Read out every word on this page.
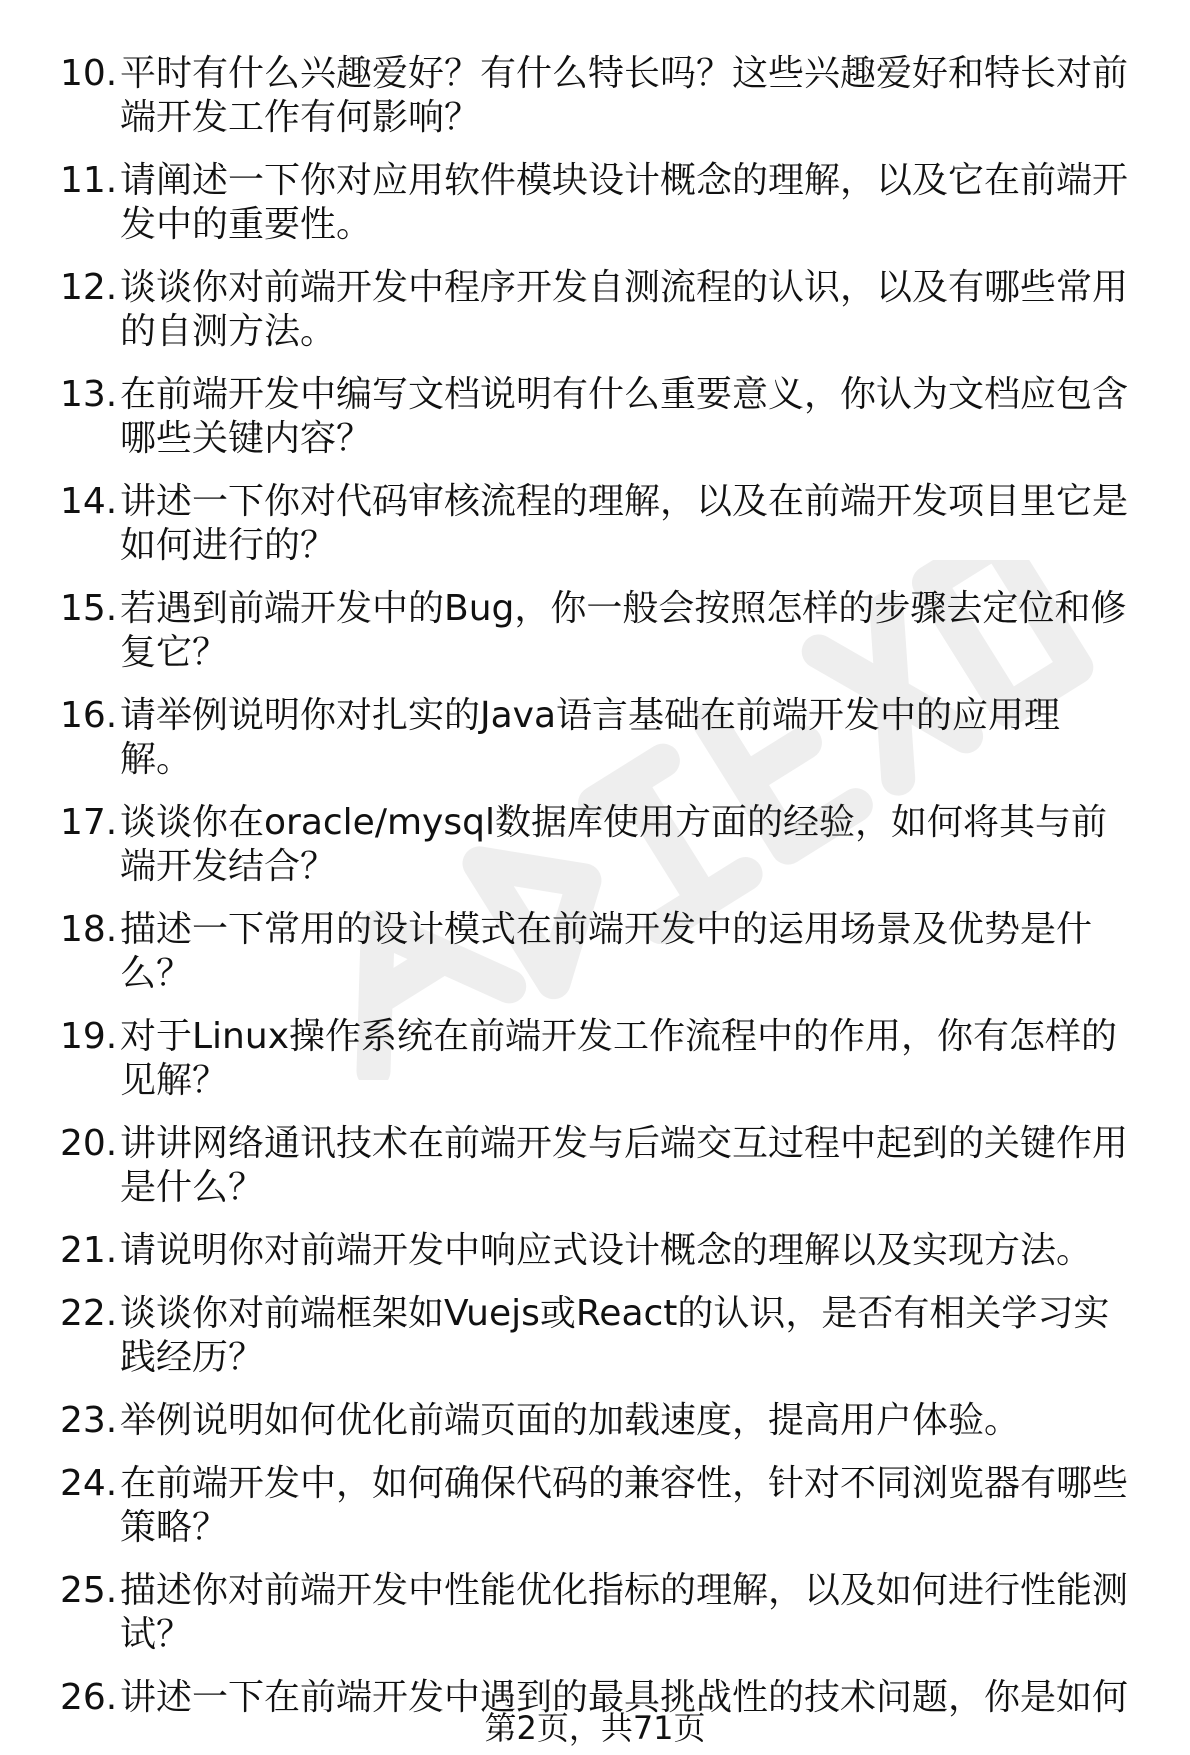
10. 平时有什么兴趣爱好？有什么特长吗？这些兴趣爱好和特长对前端开发工作有何影响？
11. 请阐述一下你对应用软件模块设计概念的理解，以及它在前端开发中的重要性。
12. 谈谈你对前端开发中程序开发自测流程的认识，以及有哪些常用的自测方法。
13. 在前端开发中编写文档说明有什么重要意义，你认为文档应包含哪些关键内容？
14. 讲述一下你对代码审核流程的理解，以及在前端开发项目里它是如何进行的？
15. 若遇到前端开发中的Bug，你一般会按照怎样的步骤去定位和修复它？
16. 请举例说明你对扎实的Java语言基础在前端开发中的应用理解。
17. 谈谈你在oracle/mysql数据库使用方面的经验，如何将其与前端开发结合？
18. 描述一下常用的设计模式在前端开发中的运用场景及优势是什么？
19. 对于Linux操作系统在前端开发工作流程中的作用，你有怎样的见解？
20. 讲讲网络通讯技术在前端开发与后端交互过程中起到的关键作用是什么？
21. 请说明你对前端开发中响应式设计概念的理解以及实现方法。
22. 谈谈你对前端框架如Vuejs或React的认识，是否有相关学习实践经历？
23. 举例说明如何优化前端页面的加载速度，提高用户体验。
24. 在前端开发中，如何确保代码的兼容性，针对不同浏览器有哪些策略？
25. 描述你对前端开发中性能优化指标的理解，以及如何进行性能测试？
26. 讲述一下在前端开发中遇到的最具挑战性的技术问题，你是如何
第2页，共71页
